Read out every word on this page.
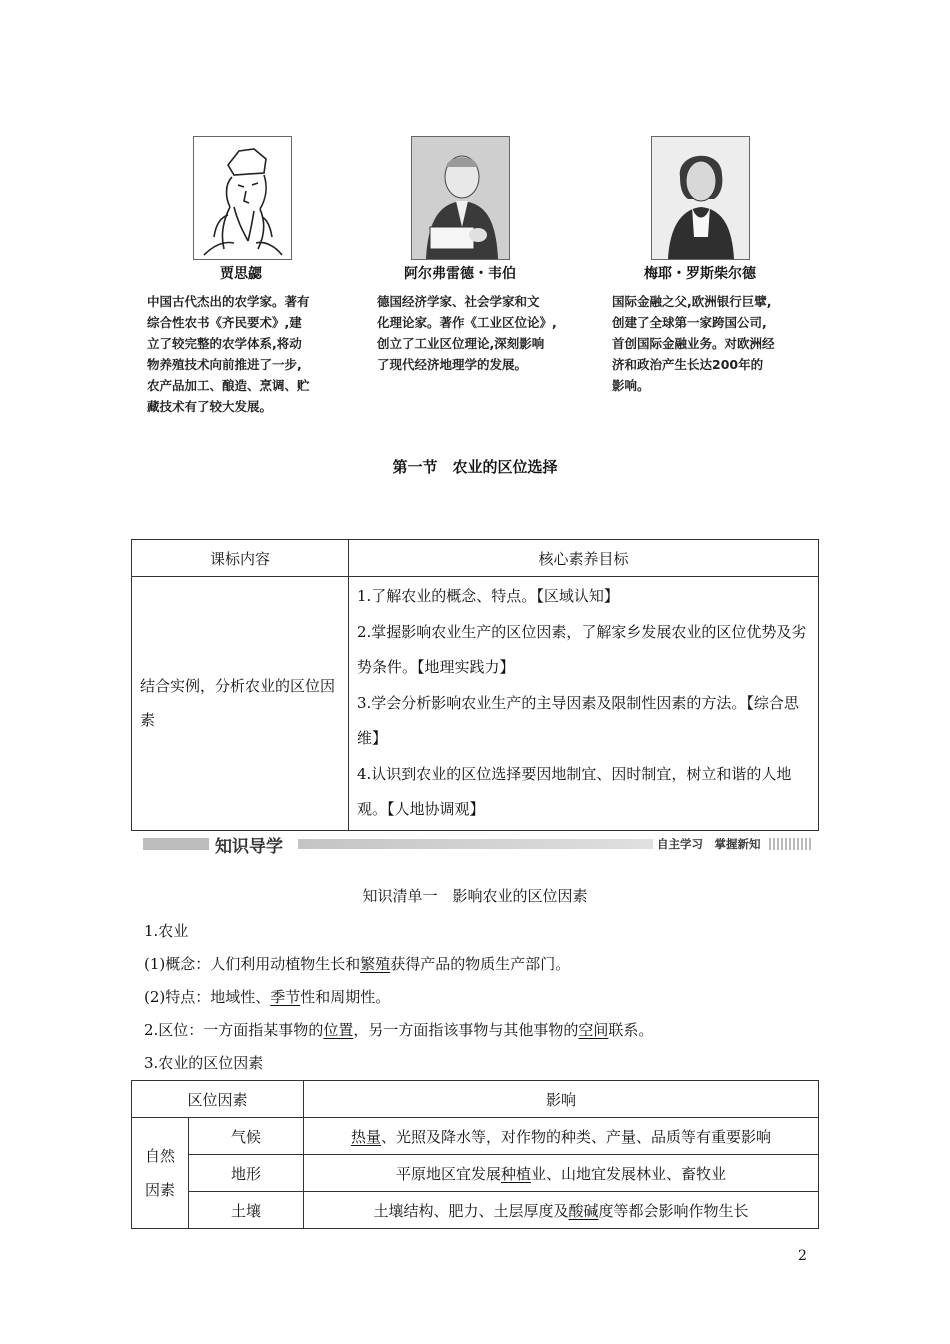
贾思勰	阿尔弗雷德・韦伯	梅耶・罗斯柴尔德
中国古代杰出的农学家。著有
综合性农书《齐民要术》,建
立了较完整的农学体系,将动
物养殖技术向前推进了一步,
农产品加工、酿造、烹调、贮
藏技术有了较大发展。
德国经济学家、社会学家和文
化理论家。著作《工业区位论》,
创立了工业区位理论,深刻影响
了现代经济地理学的发展。
国际金融之父,欧洲银行巨擘,
创建了全球第一家跨国公司,
首创国际金融业务。对欧洲经
济和政治产生长达200年的
影响。
第一节　农业的区位选择
课标内容	核心素养目标
结合实例，分析农业的区位因素	1.了解农业的概念、特点。【区域认知】
2.掌握影响农业生产的区位因素，了解家乡发展农业的区位优势及劣势条件。【地理实践力】
3.学会分析影响农业生产的主导因素及限制性因素的方法。【综合思维】
4.认识到农业的区位选择要因地制宜、因时制宜，树立和谐的人地观。【人地协调观】
知识导学	自主学习　掌握新知
知识清单一　影响农业的区位因素
1.农业
(1)概念：人们利用动植物生长和繁殖获得产品的物质生产部门。
(2)特点：地域性、季节性和周期性。
2.区位：一方面指某事物的位置，另一方面指该事物与其他事物的空间联系。
3.农业的区位因素
区位因素		影响
自然因素	气候	热量、光照及降水等，对作物的种类、产量、品质等有重要影响
	地形	平原地区宜发展种植业、山地宜发展林业、畜牧业
	土壤	土壤结构、肥力、土层厚度及酸碱度等都会影响作物生长
2
